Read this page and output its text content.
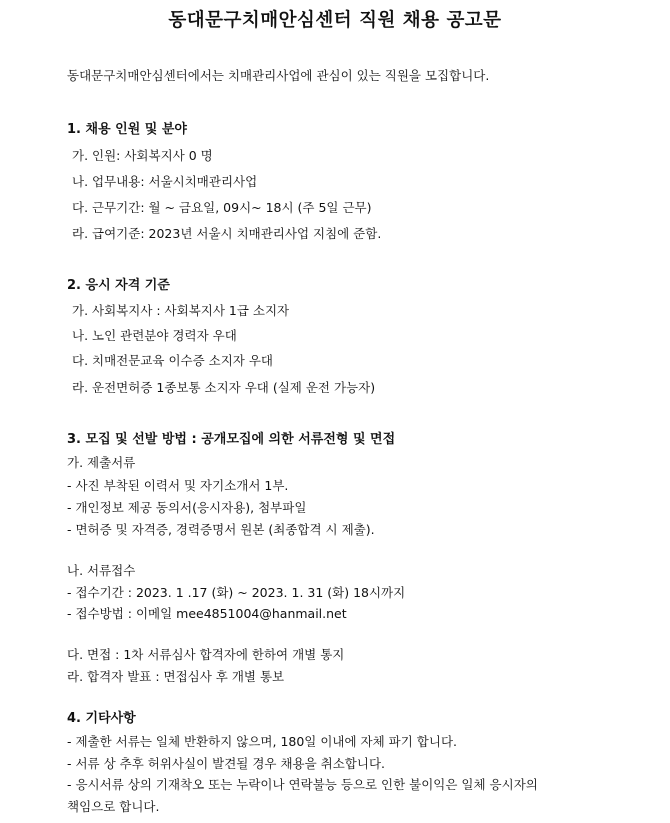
동대문구치매안심센터 직원 채용 공고문
동대문구치매안심센터에서는 치매관리사업에 관심이 있는 직원을 모집합니다.
1. 채용 인원 및 분야
가. 인원: 사회복지사 0 명
나. 업무내용: 서울시치매관리사업
다. 근무기간: 월 ~ 금요일, 09시~ 18시 (주 5일 근무)
라. 급여기준: 2023년 서울시 치매관리사업 지침에 준함.
2. 응시 자격 기준
가. 사회복지사 : 사회복지사 1급 소지자
나. 노인 관련분야 경력자 우대
다. 치매전문교육 이수증 소지자 우대
라. 운전면허증 1종보통 소지자 우대 (실제 운전 가능자)
3. 모집 및 선발 방법 : 공개모집에 의한 서류전형 및 면접
가. 제출서류
- 사진 부착된 이력서 및 자기소개서 1부.
- 개인정보 제공 동의서(응시자용), 첨부파일
- 면허증 및 자격증, 경력증명서 원본 (최종합격 시 제출).
나. 서류접수
- 접수기간 : 2023. 1 .17 (화) ~ 2023. 1. 31 (화) 18시까지
- 접수방법 : 이메일 mee4851004@hanmail.net
다. 면접 : 1차 서류심사 합격자에 한하여 개별 통지
라. 합격자 발표 : 면접심사 후 개별 통보
4. 기타사항
- 제출한 서류는 일체 반환하지 않으며, 180일 이내에 자체 파기 합니다.
- 서류 상 추후 허위사실이 발견될 경우 채용을 취소합니다.
- 응시서류 상의 기재착오 또는 누락이나 연락불능 등으로 인한 불이익은 일체 응시자의
책임으로 합니다.
